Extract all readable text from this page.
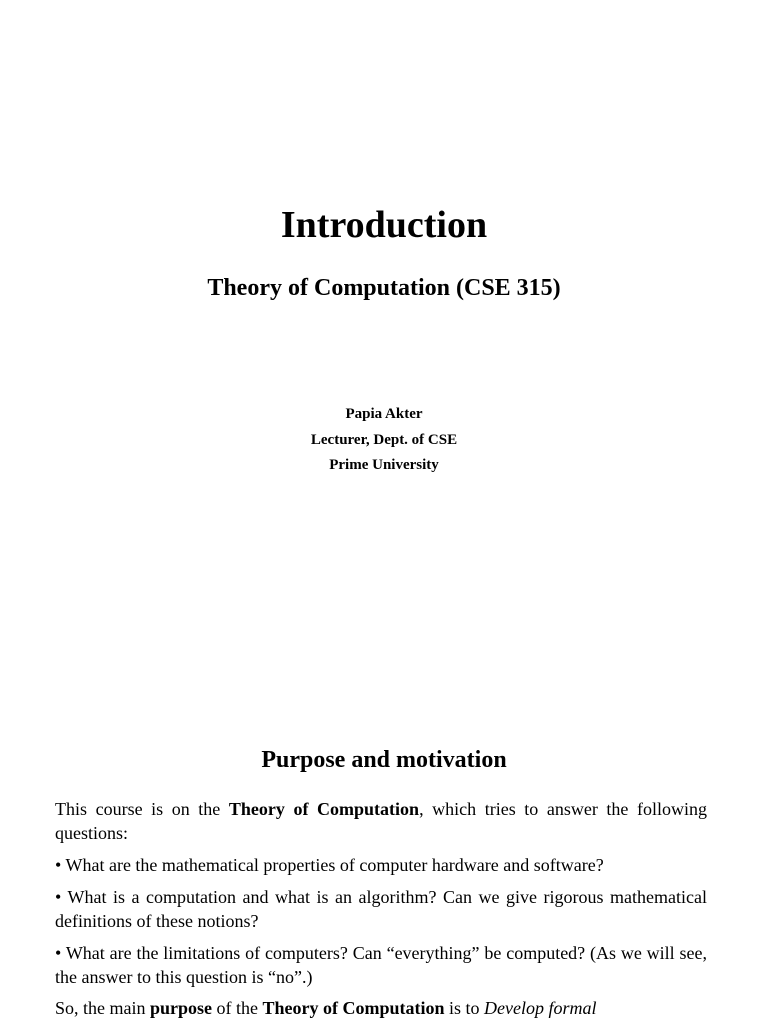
Introduction
Theory of Computation (CSE 315)
Papia Akter
Lecturer, Dept. of CSE
Prime University
Purpose and motivation
This course is on the Theory of Computation, which tries to answer the following questions:
• What are the mathematical properties of computer hardware and software?
• What is a computation and what is an algorithm? Can we give rigorous mathematical definitions of these notions?
• What are the limitations of computers? Can “everything” be computed? (As we will see, the answer to this question is “no”.)
So, the main purpose of the Theory of Computation is to Develop formal
